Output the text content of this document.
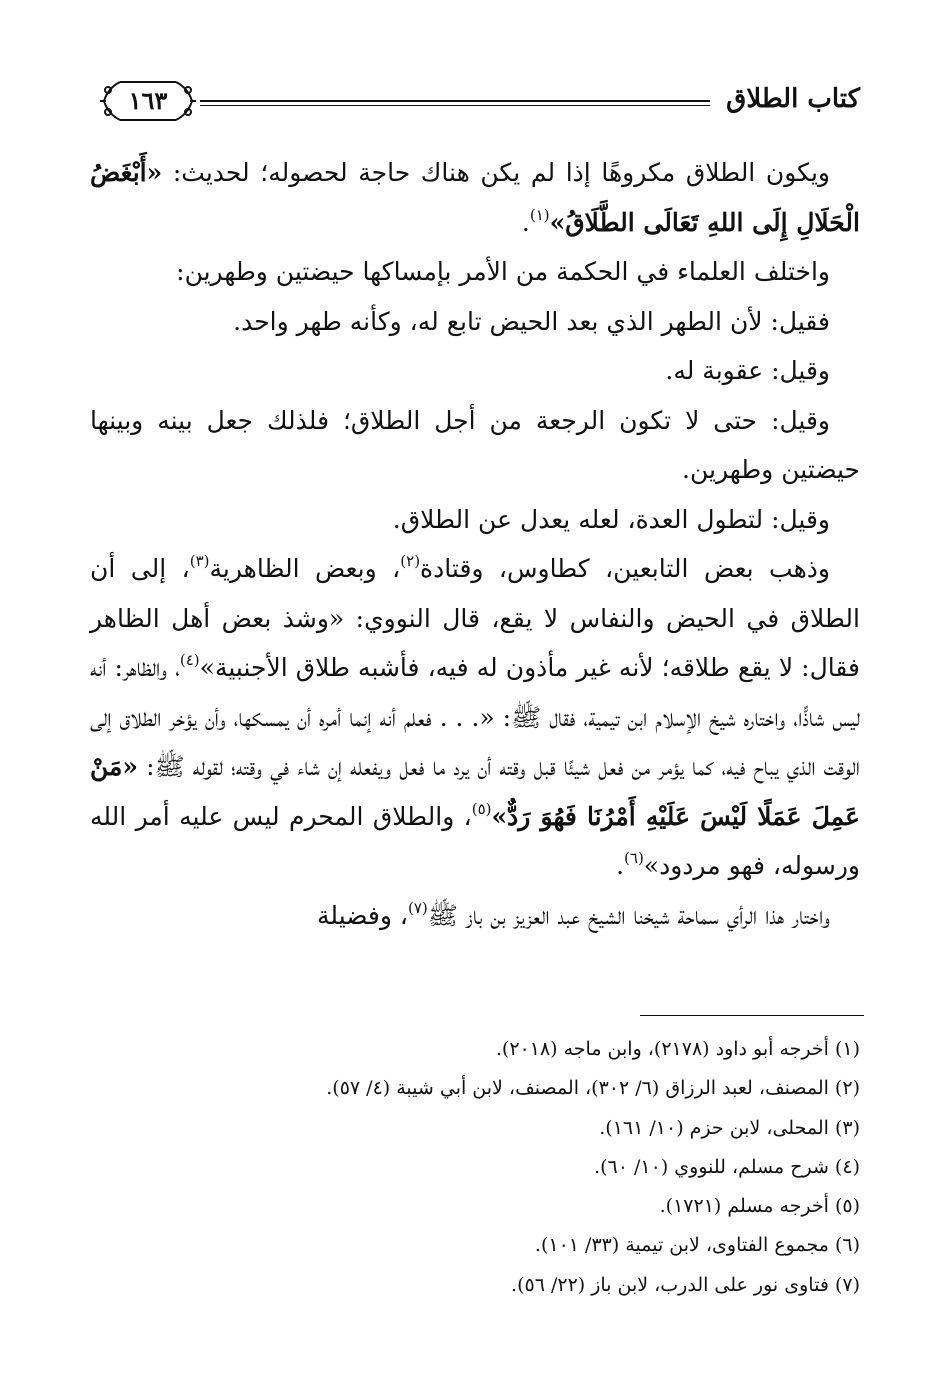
كتاب الطلاق
١٦٣

ويكون الطلاق مكروهًا إذا لم يكن هناك حاجة لحصوله؛ لحديث: «أَبْغَضُ الْحَلَالِ إِلَى اللهِ تَعَالَى الطَّلَاقُ»$^{(١)}$.

واختلف العلماء في الحكمة من الأمر بإمساكها حيضتين وطهرين:

فقيل: لأن الطهر الذي بعد الحيض تابع له، وكأنه طهر واحد.

وقيل: عقوبة له.

وقيل: حتى لا تكون الرجعة من أجل الطلاق؛ فلذلك جعل بينه وبينها حيضتين وطهرين.

وقيل: لتطول العدة، لعله يعدل عن الطلاق.

وذهب بعض التابعين، كطاوس، وقتادة$^{(٢)}$، وبعض الظاهرية$^{(٣)}$، إلى أن الطلاق في الحيض والنفاس لا يقع، قال النووي: «وشذ بعض أهل الظاهر فقال: لا يقع طلاقه؛ لأنه غير مأذون له فيه، فأشبه طلاق الأجنبية»$^{(٤)}$، والظاهر: أنه ليس شاذًّا، واختاره شيخ الإسلام ابن تيمية، فقال ﷺ: «. . . فعلم أنه إنما أمره أن يمسكها، وأن يؤخر الطلاق إلى الوقت الذي يباح فيه، كما يؤمر من فعل شيئًا قبل وقته أن يرد ما فعل ويفعله إن شاء في وقته؛ لقوله ﷺ: «مَنْ عَمِلَ عَمَلًا لَيْسَ عَلَيْهِ أَمْرُنَا فَهُوَ رَدٌّ»$^{(٥)}$، والطلاق المحرم ليس عليه أمر الله ورسوله، فهو مردود»$^{(٦)}$.

واختار هذا الرأي سماحة شيخنا الشيخ عبد العزيز بن باز ﷺ$^{(٧)}$، وفضيلة

(١) أخرجه أبو داود (٢١٧٨)، وابن ماجه (٢٠١٨).

(٢) المصنف، لعبد الرزاق (٦/ ٣٠٢)، المصنف، لابن أبي شيبة (٤/ ٥٧).

(٣) المحلى، لابن حزم (١٠/ ١٦١).

(٤) شرح مسلم، للنووي (١٠/ ٦٠).

(٥) أخرجه مسلم (١٧٢١).

(٦) مجموع الفتاوى، لابن تيمية (٣٣/ ١٠١).

(٧) فتاوى نور على الدرب، لابن باز (٢٢/ ٥٦).
